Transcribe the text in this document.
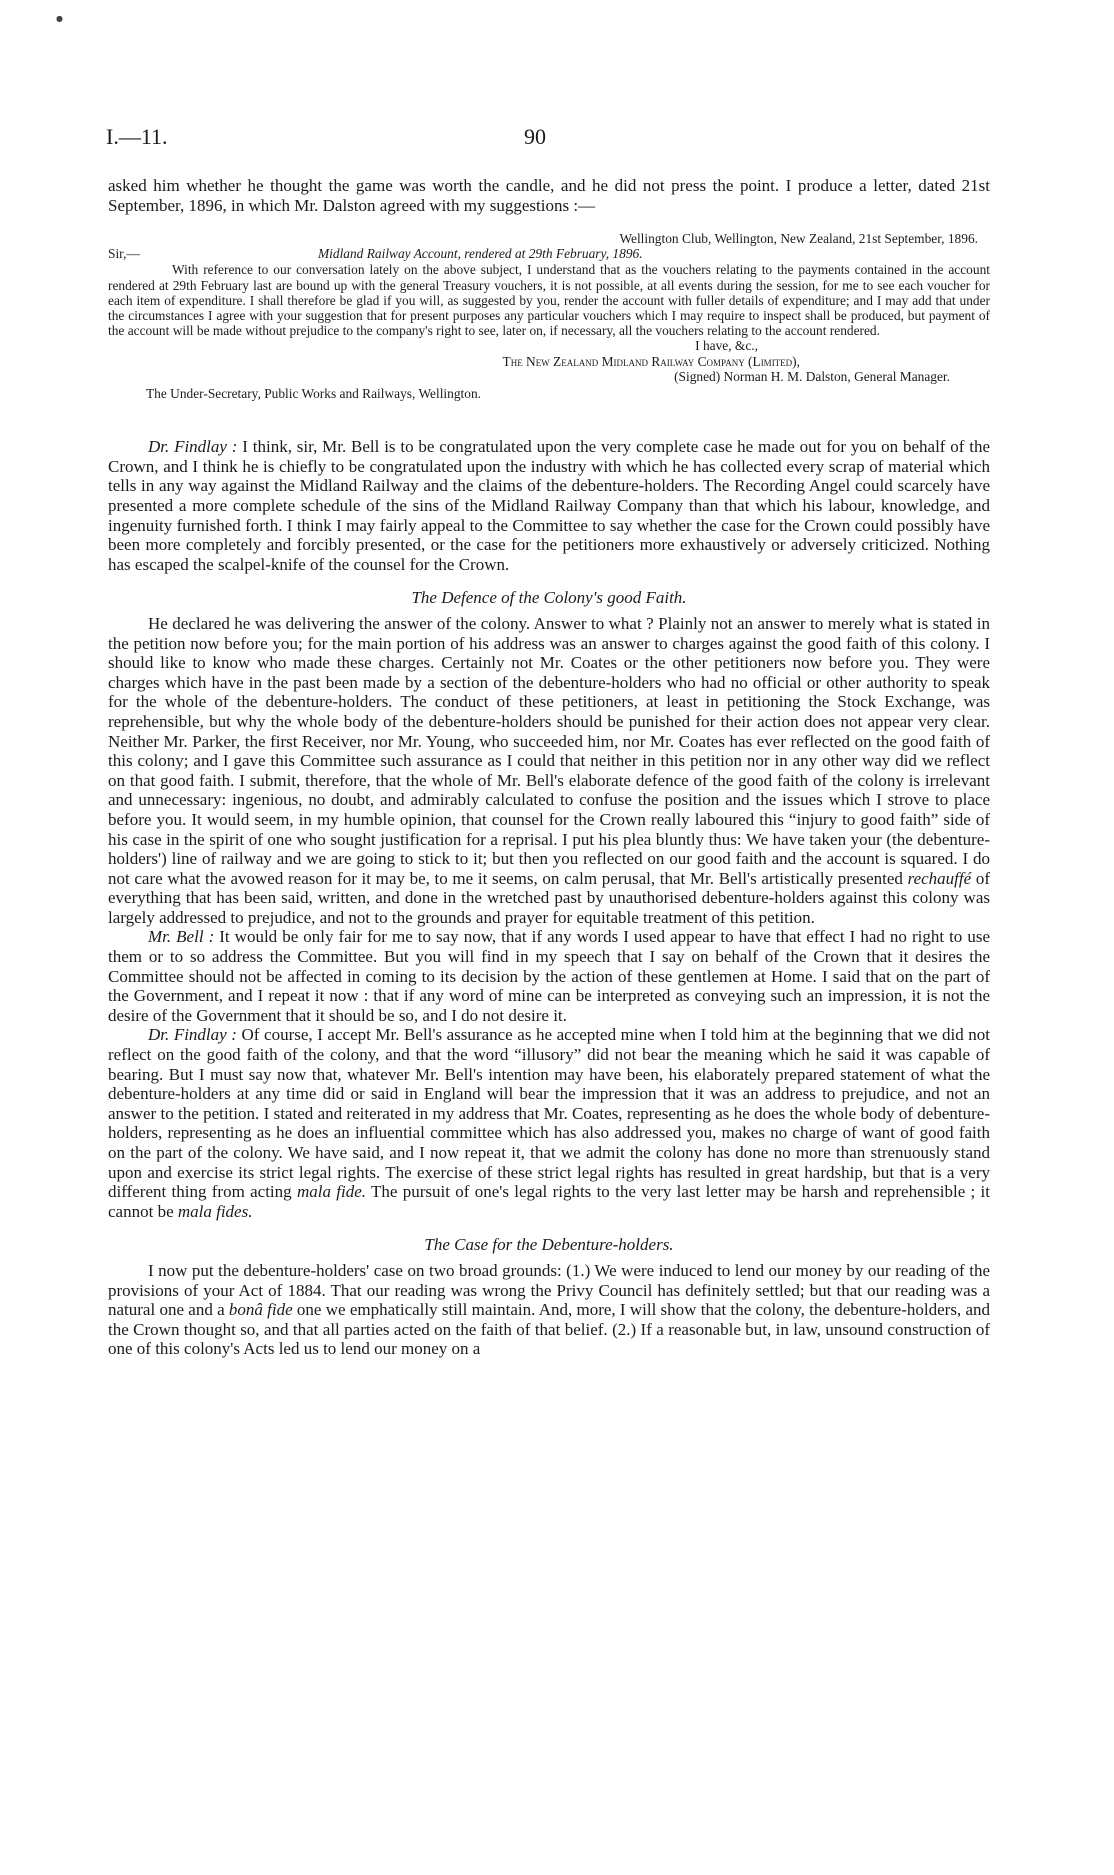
I.—11.	90
●

asked him whether he thought the game was worth the candle, and he did not press the point. I produce a letter, dated 21st September, 1896, in which Mr. Dalston agreed with my suggestions :—

Wellington Club, Wellington, New Zealand, 21st September, 1896.
Sir,—	Midland Railway Account, rendered at 29th February, 1896.
With reference to our conversation lately on the above subject, I understand that as the vouchers relating to the payments contained in the account rendered at 29th February last are bound up with the general Treasury vouchers, it is not possible, at all events during the session, for me to see each voucher for each item of expenditure. I shall therefore be glad if you will, as suggested by you, render the account with fuller details of expenditure; and I may add that under the circumstances I agree with your suggestion that for present purposes any particular vouchers which I may require to inspect shall be produced, but payment of the account will be made without prejudice to the company's right to see, later on, if necessary, all the vouchers relating to the account rendered.
I have, &c.,
The New Zealand Midland Railway Company (Limited),
(Signed) Norman H. M. Dalston, General Manager.
The Under-Secretary, Public Works and Railways, Wellington.

Dr. Findlay : I think, sir, Mr. Bell is to be congratulated upon the very complete case he made out for you on behalf of the Crown, and I think he is chiefly to be congratulated upon the industry with which he has collected every scrap of material which tells in any way against the Midland Railway and the claims of the debenture-holders. The Recording Angel could scarcely have presented a more complete schedule of the sins of the Midland Railway Company than that which his labour, knowledge, and ingenuity furnished forth. I think I may fairly appeal to the Committee to say whether the case for the Crown could possibly have been more completely and forcibly presented, or the case for the petitioners more exhaustively or adversely criticized. Nothing has escaped the scalpel-knife of the counsel for the Crown.

The Defence of the Colony's good Faith.

He declared he was delivering the answer of the colony. Answer to what ? Plainly not an answer to merely what is stated in the petition now before you; for the main portion of his address was an answer to charges against the good faith of this colony. I should like to know who made these charges. Certainly not Mr. Coates or the other petitioners now before you. They were charges which have in the past been made by a section of the debenture-holders who had no official or other authority to speak for the whole of the debenture-holders. The conduct of these petitioners, at least in petitioning the Stock Exchange, was reprehensible, but why the whole body of the debenture-holders should be punished for their action does not appear very clear. Neither Mr. Parker, the first Receiver, nor Mr. Young, who succeeded him, nor Mr. Coates has ever reflected on the good faith of this colony; and I gave this Committee such assurance as I could that neither in this petition nor in any other way did we reflect on that good faith. I submit, therefore, that the whole of Mr. Bell's elaborate defence of the good faith of the colony is irrelevant and unnecessary: ingenious, no doubt, and admirably calculated to confuse the position and the issues which I strove to place before you. It would seem, in my humble opinion, that counsel for the Crown really laboured this “injury to good faith” side of his case in the spirit of one who sought justification for a reprisal. I put his plea bluntly thus: We have taken your (the debenture-holders') line of railway and we are going to stick to it; but then you reflected on our good faith and the account is squared. I do not care what the avowed reason for it may be, to me it seems, on calm perusal, that Mr. Bell's artistically presented rechauffé of everything that has been said, written, and done in the wretched past by unauthorised debenture-holders against this colony was largely addressed to prejudice, and not to the grounds and prayer for equitable treatment of this petition.

Mr. Bell : It would be only fair for me to say now, that if any words I used appear to have that effect I had no right to use them or to so address the Committee. But you will find in my speech that I say on behalf of the Crown that it desires the Committee should not be affected in coming to its decision by the action of these gentlemen at Home. I said that on the part of the Government, and I repeat it now : that if any word of mine can be interpreted as conveying such an impression, it is not the desire of the Government that it should be so, and I do not desire it.

Dr. Findlay : Of course, I accept Mr. Bell's assurance as he accepted mine when I told him at the beginning that we did not reflect on the good faith of the colony, and that the word “illusory” did not bear the meaning which he said it was capable of bearing. But I must say now that, whatever Mr. Bell's intention may have been, his elaborately prepared statement of what the debenture-holders at any time did or said in England will bear the impression that it was an address to prejudice, and not an answer to the petition. I stated and reiterated in my address that Mr. Coates, representing as he does the whole body of debenture-holders, representing as he does an influential committee which has also addressed you, makes no charge of want of good faith on the part of the colony. We have said, and I now repeat it, that we admit the colony has done no more than strenuously stand upon and exercise its strict legal rights. The exercise of these strict legal rights has resulted in great hardship, but that is a very different thing from acting mala fide. The pursuit of one's legal rights to the very last letter may be harsh and reprehensible ; it cannot be mala fides.

The Case for the Debenture-holders.

I now put the debenture-holders' case on two broad grounds: (1.) We were induced to lend our money by our reading of the provisions of your Act of 1884. That our reading was wrong the Privy Council has definitely settled; but that our reading was a natural one and a bonâ fide one we emphatically still maintain. And, more, I will show that the colony, the debenture-holders, and the Crown thought so, and that all parties acted on the faith of that belief. (2.) If a reasonable but, in law, unsound construction of one of this colony's Acts led us to lend our money on a
